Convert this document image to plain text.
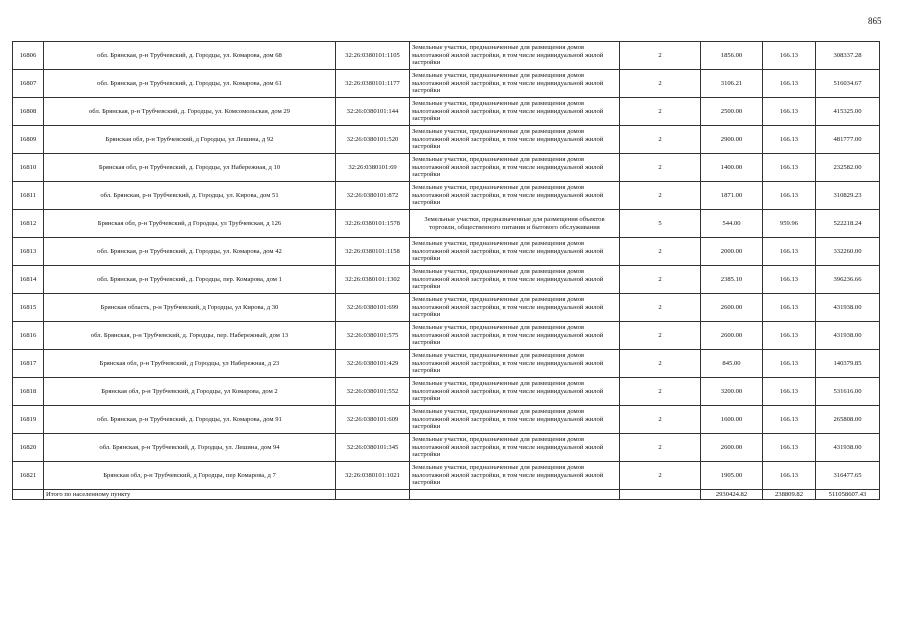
865
16806	обл. Брянская, р-н Трубчевский, д. Городцы, ул. Комарова, дом 68	32:26:0380101:1105	Земельные участки, предназначенные для размещения домов малоэтажной жилой застройки, в том числе индивидуальной жилой застройки	2	1856.00	166.13	308337.28
16807	обл. Брянская, р-н Трубчевский, д. Городцы, ул. Комарова, дом 61	32:26:0380101:1177	Земельные участки, предназначенные для размещения домов малоэтажной жилой застройки, в том числе индивидуальной жилой застройки	2	3106.21	166.13	516034.67
16808	обл. Брянская, р-н Трубчевский, д. Городцы, ул. Комсомольская, дом 29	32:26:0380101:144	Земельные участки, предназначенные для размещения домов малоэтажной жилой застройки, в том числе индивидуальной жилой застройки	2	2500.00	166.13	415325.00
16809	Брянская обл, р-н Трубчевский, д Городцы, ул Лешина, д 92	32:26:0380101:520	Земельные участки, предназначенные для размещения домов малоэтажной жилой застройки, в том числе индивидуальной жилой застройки	2	2900.00	166.13	481777.00
16810	Брянская обл, р-н Трубчевский, д. Городцы, ул Набережная, д 10	32:26:0380101:69	Земельные участки, предназначенные для размещения домов малоэтажной жилой застройки, в том числе индивидуальной жилой застройки	2	1400.00	166.13	232582.00
16811	обл. Брянская, р-н Трубчевский, д. Городцы, ул. Кирова, дом 51	32:26:0380101:872	Земельные участки, предназначенные для размещения домов малоэтажной жилой застройки, в том числе индивидуальной жилой застройки	2	1871.00	166.13	310829.23
16812	Брянская обл, р-н Трубчевский, д Городцы, ул Трубчевская, д 126	32:26:0380101:1578	Земельные участки, предназначенные для размещения объектов торговли, общественного питания и бытового обслуживания	5	544.00	959.96	522218.24
16813	обл. Брянская, р-н Трубчевский, д. Городцы, ул. Комарова, дом 42	32:26:0380101:1158	Земельные участки, предназначенные для размещения домов малоэтажной жилой застройки, в том числе индивидуальной жилой застройки	2	2000.00	166.13	332260.00
16814	обл. Брянская, р-н Трубчевский, д. Городцы, пер. Комарова, дом 1	32:26:0380101:1302	Земельные участки, предназначенные для размещения домов малоэтажной жилой застройки, в том числе индивидуальной жилой застройки	2	2385.10	166.13	396236.66
16815	Брянская область, р-н Трубчевский, д Городцы, ул Кирова, д 30	32:26:0380101:699	Земельные участки, предназначенные для размещения домов малоэтажной жилой застройки, в том числе индивидуальной жилой застройки	2	2600.00	166.13	431938.00
16816	обл. Брянская, р-н Трубчевский, д. Городцы, пер. Набережный, дом 13	32:26:0380101:575	Земельные участки, предназначенные для размещения домов малоэтажной жилой застройки, в том числе индивидуальной жилой застройки	2	2600.00	166.13	431938.00
16817	Брянская обл, р-н Трубчевский, д Городцы, ул Набережная, д 23	32:26:0380101:429	Земельные участки, предназначенные для размещения домов малоэтажной жилой застройки, в том числе индивидуальной жилой застройки	2	845.00	166.13	140379.85
16818	Брянская обл, р-н Трубчевский, д Городцы, ул Комарова, дом 2	32:26:0380101:552	Земельные участки, предназначенные для размещения домов малоэтажной жилой застройки, в том числе индивидуальной жилой застройки	2	3200.00	166.13	531616.00
16819	обл. Брянская, р-н Трубчевский, д. Городцы, ул. Комарова, дом 91	32:26:0380101:609	Земельные участки, предназначенные для размещения домов малоэтажной жилой застройки, в том числе индивидуальной жилой застройки	2	1600.00	166.13	265808.00
16820	обл. Брянская, р-н Трубчевский, д. Городцы, ул. Лешина, дом 94	32:26:0380101:345	Земельные участки, предназначенные для размещения домов малоэтажной жилой застройки, в том числе индивидуальной жилой застройки	2	2600.00	166.13	431938.00
16821	Брянская обл, р-н Трубчевский, д Городцы, пер Комарова, д 7	32:26:0380101:1021	Земельные участки, предназначенные для размещения домов малоэтажной жилой застройки, в том числе индивидуальной жилой застройки	2	1905.00	166.13	316477.65
	Итого по населенному пункту				2930424.82	238809.82	511058607.43
